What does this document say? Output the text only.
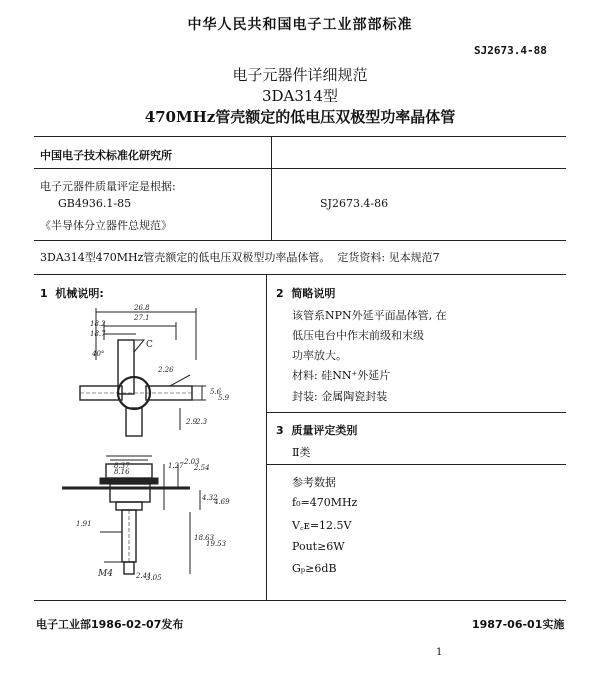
中华人民共和国电子工业部部标准
SJ2673.4-88
电子元器件详细规范
3DA314型
470MHz管壳额定的低电压双极型功率晶体管
中国电子技术标准化研究所
电子元器件质量评定是根据:
GB4936.1-85
《半导体分立器件总规范》
SJ2673.4-86
3DA314型470MHz管壳额定的低电压双极型功率晶体管。  定货资料: 见本规范7
1  机械说明:
26.8
27.1
18.2
18.7
40°
C
2.26
5.6
5.9
2.9
2.3
8.37
8.16
1.27 2.03
2.54
4.32
4.69
1.91
18.63
19.53
M4	2.41
3.05
2  简略说明
该管系NPN外延平面晶体管, 在
低压电台中作末前级和末级
功率放大。
材料: 硅NN⁺外延片
封装: 金属陶瓷封装
3  质量评定类别
Ⅱ类
参考数据
f₀=470MHz
V꜀ᴇ=12.5V
Pout≥6W
Gₚ≥6dB
电子工业部1986-02-07发布	1987-06-01实施
1
